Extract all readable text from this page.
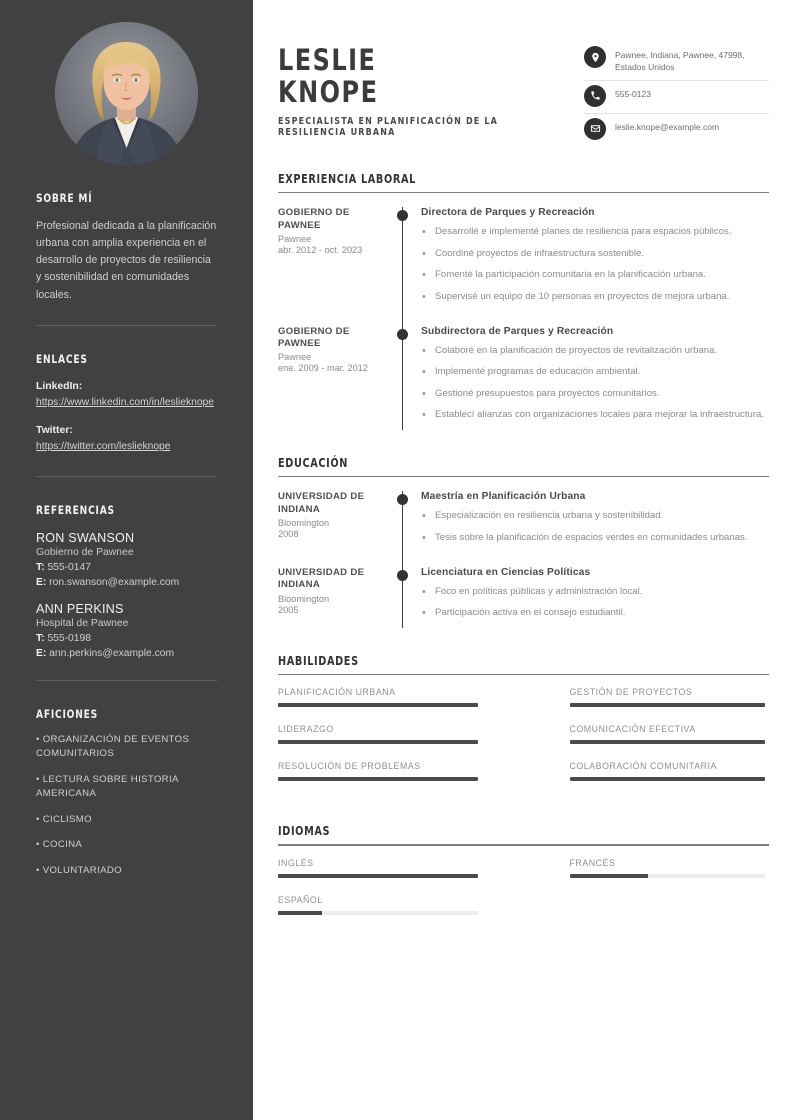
SOBRE MÍ
Profesional dedicada a la planificación urbana con amplia experiencia en el desarrollo de proyectos de resiliencia y sostenibilidad en comunidades locales.
ENLACES
LinkedIn:
https://www.linkedin.com/in/leslieknope
Twitter:
https://twitter.com/leslieknope
REFERENCIAS
RON SWANSON
Gobierno de Pawnee
T: 555-0147
E: ron.swanson@example.com
ANN PERKINS
Hospital de Pawnee
T: 555-0198
E: ann.perkins@example.com
AFICIONES
• ORGANIZACIÓN DE EVENTOS COMUNITARIOS
• LECTURA SOBRE HISTORIA AMERICANA
• CICLISMO
• COCINA
• VOLUNTARIADO
LESLIE
KNOPE
ESPECIALISTA EN PLANIFICACIÓN DE LA RESILIENCIA URBANA
Pawnee, Indiana, Pawnee, 47998, Estados Unidos
555-0123
leslie.knope@example.com
EXPERIENCIA LABORAL
GOBIERNO DE PAWNEE
Pawnee
abr. 2012 - oct. 2023
Directora de Parques y Recreación
• Desarrollé e implementé planes de resiliencia para espacios públicos.
• Coordiné proyectos de infraestructura sostenible.
• Fomenté la participación comunitaria en la planificación urbana.
• Supervisé un equipo de 10 personas en proyectos de mejora urbana.
GOBIERNO DE PAWNEE
Pawnee
ene. 2009 - mar. 2012
Subdirectora de Parques y Recreación
• Colaboré en la planificación de proyectos de revitalización urbana.
• Implementé programas de educación ambiental.
• Gestioné presupuestos para proyectos comunitarios.
• Establecí alianzas con organizaciones locales para mejorar la infraestructura.
EDUCACIÓN
UNIVERSIDAD DE INDIANA
Bloomington
2008
Maestría en Planificación Urbana
• Especialización en resiliencia urbana y sostenibilidad.
• Tesis sobre la planificación de espacios verdes en comunidades urbanas.
UNIVERSIDAD DE INDIANA
Bloomington
2005
Licenciatura en Ciencias Políticas
• Foco en políticas públicas y administración local.
• Participación activa en el consejo estudiantil.
HABILIDADES
PLANIFICACIÓN URBANA	GESTIÓN DE PROYECTOS
LIDERAZGO	COMUNICACIÓN EFECTIVA
RESOLUCIÓN DE PROBLEMAS	COLABORACIÓN COMUNITARIA
IDIOMAS
INGLÉS	FRANCÉS
ESPAÑOL
